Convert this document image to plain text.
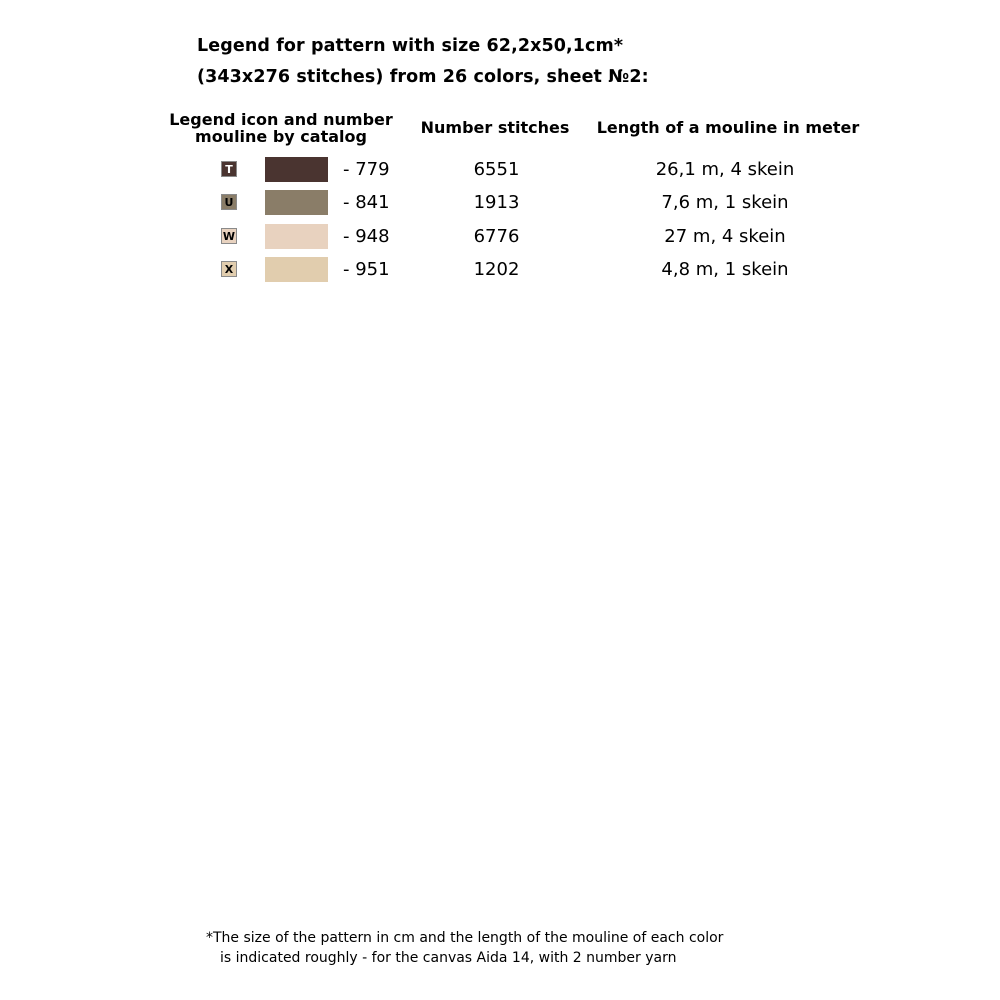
Legend for pattern with size 62,2x50,1cm*
(343x276 stitches) from 26 colors, sheet №2:
Legend icon and number
mouline by catalog	Number stitches	Length of a mouline in meter
T	- 779	6551	26,1 m, 4 skein
U	- 841	1913	7,6 m, 1 skein
W	- 948	6776	27 m, 4 skein
X	- 951	1202	4,8 m, 1 skein
*The size of the pattern in cm and the length of the mouline of each color
is indicated roughly - for the canvas Aida 14, with 2 number yarn
